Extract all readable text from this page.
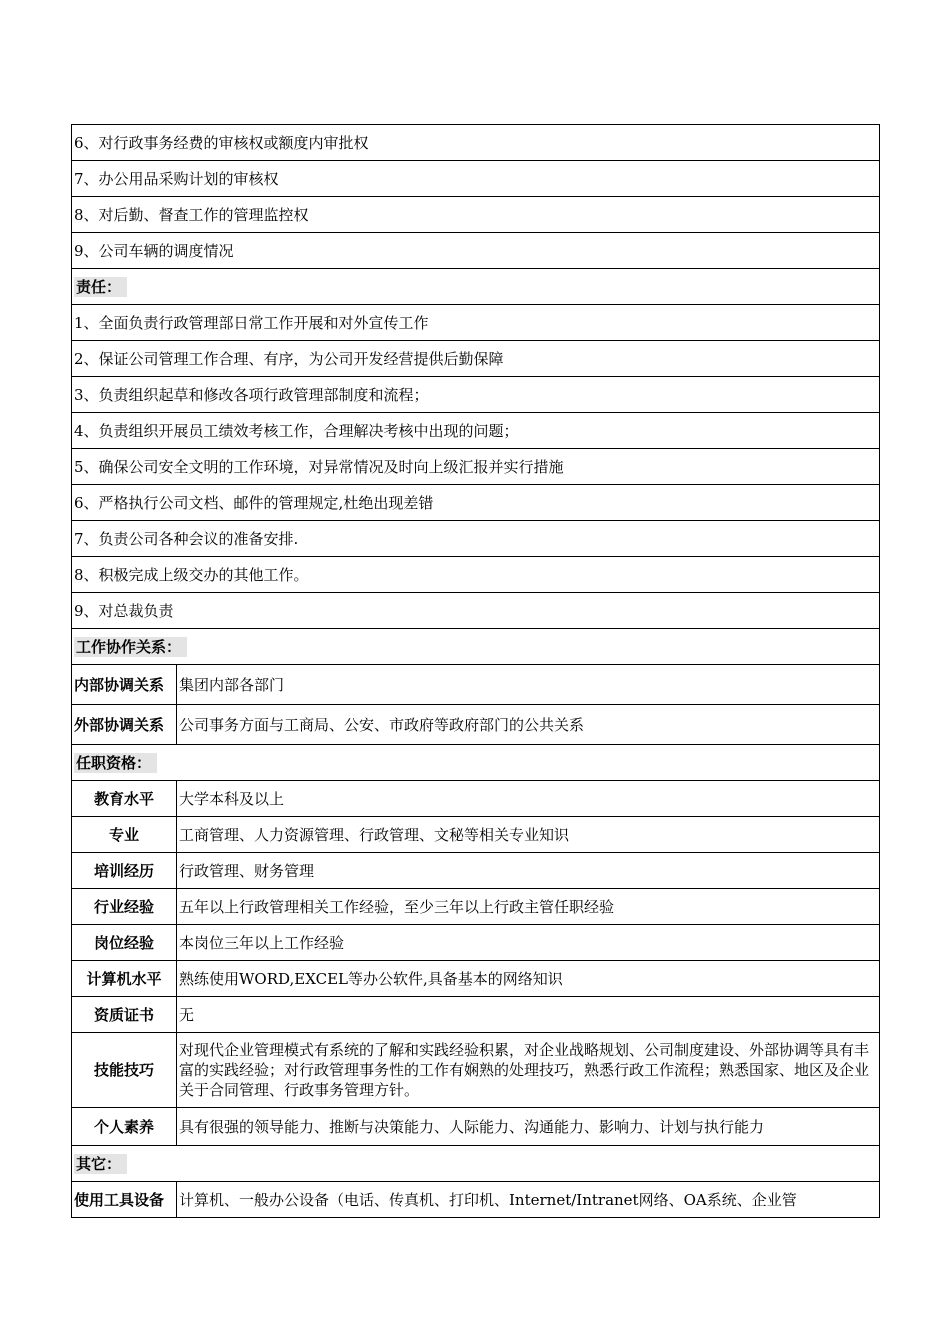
6、对行政事务经费的审核权或额度内审批权	
7、办公用品采购计划的审核权	
8、对后勤、督查工作的管理监控权	
9、公司车辆的调度情况	
责任：	
1、全面负责行政管理部日常工作开展和对外宣传工作	
2、保证公司管理工作合理、有序，为公司开发经营提供后勤保障	
3、负责组织起草和修改各项行政管理部制度和流程；	
4、负责组织开展员工绩效考核工作，合理解决考核中出现的问题；	
5、确保公司安全文明的工作环境，对异常情况及时向上级汇报并实行措施	
6、严格执行公司文档、邮件的管理规定,杜绝出现差错	
7、负责公司各种会议的准备安排.	
8、积极完成上级交办的其他工作。	
9、对总裁负责	
工作协作关系：	
内部协调关系	集团内部各部门
外部协调关系	公司事务方面与工商局、公安、市政府等政府部门的公共关系
任职资格：	
教育水平	大学本科及以上
专业	工商管理、人力资源管理、行政管理、文秘等相关专业知识
培训经历	行政管理、财务管理
行业经验	五年以上行政管理相关工作经验，至少三年以上行政主管任职经验
岗位经验	本岗位三年以上工作经验
计算机水平	熟练使用WORD,EXCEL等办公软件,具备基本的网络知识
资质证书	无
技能技巧	对现代企业管理模式有系统的了解和实践经验积累，对企业战略规划、公司制度建设、外部协调等具有丰富的实践经验；对行政管理事务性的工作有娴熟的处理技巧，熟悉行政工作流程；熟悉国家、地区及企业关于合同管理、行政事务管理方针。
个人素养	具有很强的领导能力、推断与决策能力、人际能力、沟通能力、影响力、计划与执行能力
其它：	
使用工具设备	计算机、一般办公设备（电话、传真机、打印机、Internet/Intranet网络、OA系统、企业管
